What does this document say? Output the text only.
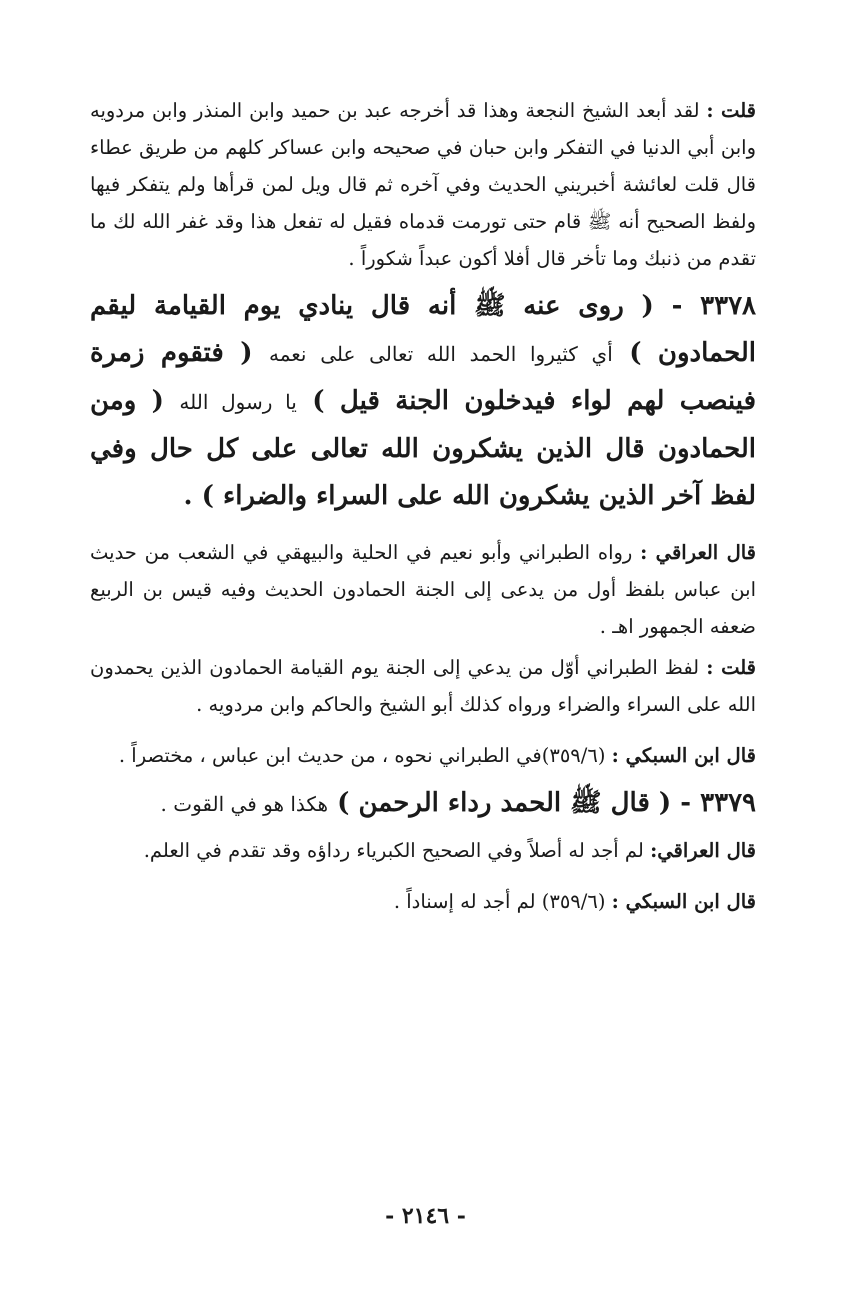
قلت : لقد أبعد الشيخ النجعة وهذا قد أخرجه عبد بن حميد وابن المنذر وابن مردويه وابن أبي الدنيا في التفكر وابن حبان في صحيحه وابن عساكر كلهم من طريق عطاء قال قلت لعائشة أخبريني الحديث وفي آخره ثم قال ويل لمن قرأها ولم يتفكر فيها ولفظ الصحيح أنه ﷺ قام حتى تورمت قدماه فقيل له تفعل هذا وقد غفر الله لك ما تقدم من ذنبك وما تأخر قال أفلا أكون عبداً شكوراً .

٣٣٧٨ - ( روى عنه ﷺ أنه قال ينادي يوم القيامة ليقم الحمادون ) أي كثيروا الحمد الله تعالى على نعمه ( فتقوم زمرة فينصب لهم لواء فيدخلون الجنة قيل ) يا رسول الله ( ومن الحمادون قال الذين يشكرون الله تعالى على كل حال وفي لفظ آخر الذين يشكرون الله على السراء والضراء ) .

قال العراقي : رواه الطبراني وأبو نعيم في الحلية والبيهقي في الشعب من حديث ابن عباس بلفظ أول من يدعى إلى الجنة الحمادون الحديث وفيه قيس بن الربيع ضعفه الجمهور اهـ .

قلت : لفظ الطبراني أوّل من يدعي إلى الجنة يوم القيامة الحمادون الذين يحمدون الله على السراء والضراء ورواه كذلك أبو الشيخ والحاكم وابن مردويه .

قال ابن السبكي : (٣٥٩/٦)في الطبراني نحوه ، من حديث ابن عباس ، مختصراً .

٣٣٧٩ - ( قال ﷺ الحمد رداء الرحمن ) هكذا هو في القوت .

قال العراقي: لم أجد له أصلاً وفي الصحيح الكبرياء رداؤه وقد تقدم في العلم.

قال ابن السبكي : (٣٥٩/٦) لم أجد له إسناداً .

- ٢١٤٦ -
